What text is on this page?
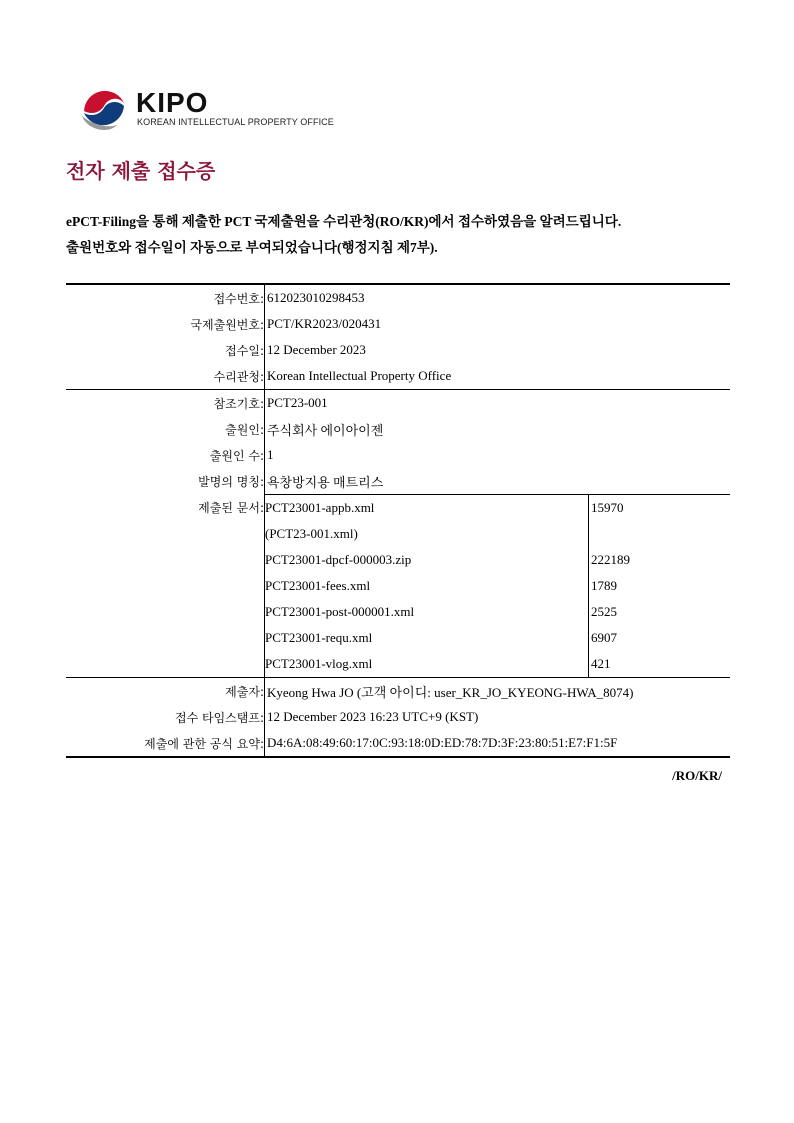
KIPO
KOREAN INTELLECTUAL PROPERTY OFFICE
전자 제출 접수증
ePCT-Filing을 통해 제출한 PCT 국제출원을 수리관청(RO/KR)에서 접수하였음을 알려드립니다.
출원번호와 접수일이 자동으로 부여되었습니다(행정지침 제7부).
접수번호:	612023010298453
국제출원번호:	PCT/KR2023/020431
접수일:	12 December 2023
수리관청:	Korean Intellectual Property Office
참조기호:	PCT23-001
출원인:	주식회사 에이아이젠
출원인 수:	1
발명의 명칭:	욕창방지용 매트리스
제출된 문서:	PCT23001-appb.xml	15970
(PCT23-001.xml)	
PCT23001-dpcf-000003.zip	222189
PCT23001-fees.xml	1789
PCT23001-post-000001.xml	2525
PCT23001-requ.xml	6907
PCT23001-vlog.xml	421

제출자:	Kyeong Hwa JO (고객 아이디: user_KR_JO_KYEONG-HWA_8074)
접수 타임스탬프:	12 December 2023 16:23 UTC+9 (KST)
제출에 관한 공식 요약:	D4:6A:08:49:60:17:0C:93:18:0D:ED:78:7D:3F:23:80:51:E7:F1:5F
/RO/KR/
